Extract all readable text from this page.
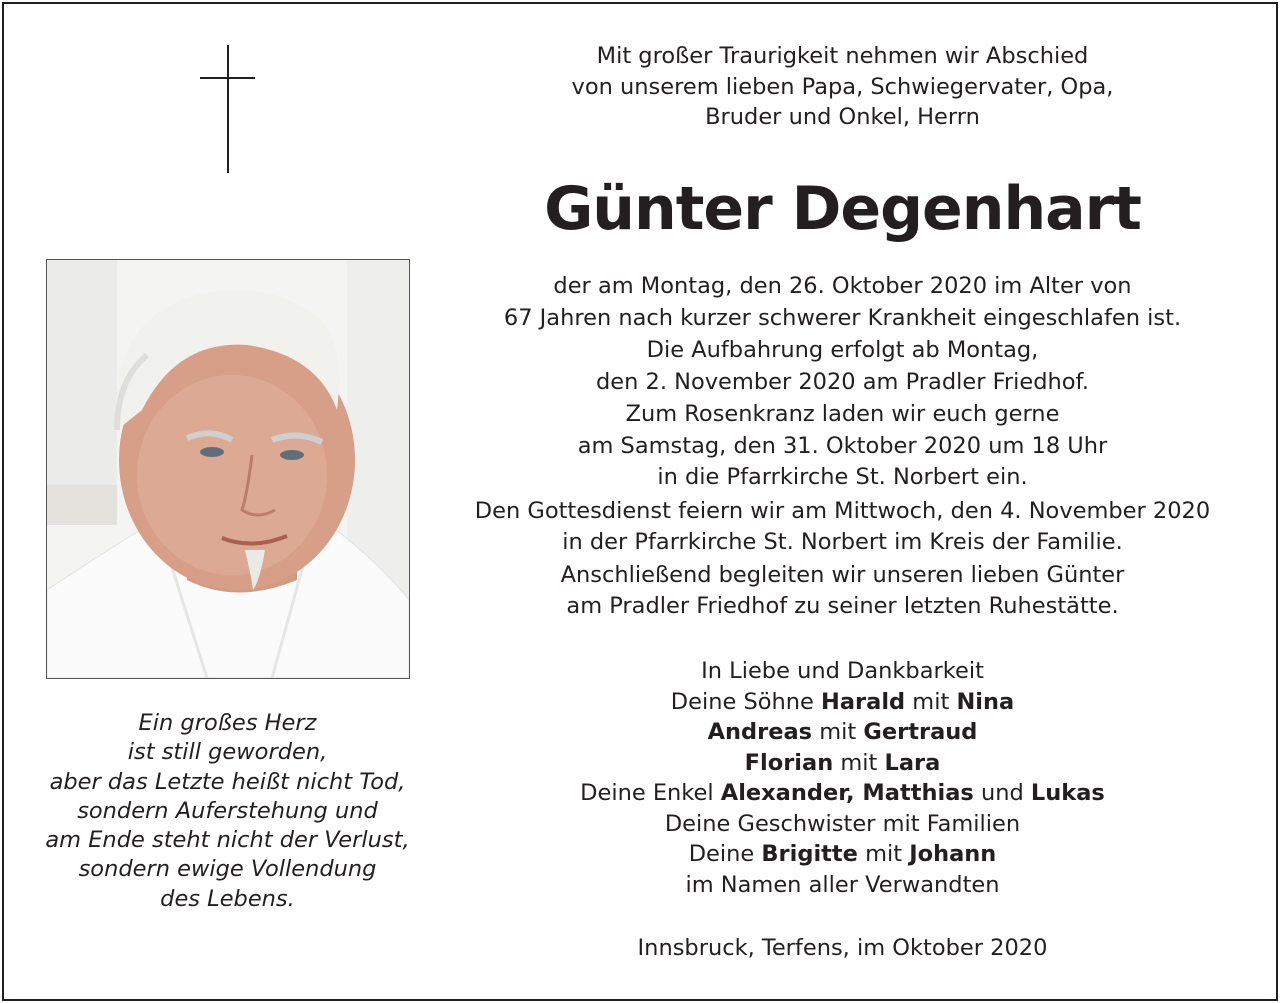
Ein großes Herz
ist still geworden,
aber das Letzte heißt nicht Tod,
sondern Auferstehung und
am Ende steht nicht der Verlust,
sondern ewige Vollendung
des Lebens.
Mit großer Traurigkeit nehmen wir Abschied
von unserem lieben Papa, Schwiegervater, Opa,
Bruder und Onkel, Herrn
Günter Degenhart
der am Montag, den 26. Oktober 2020 im Alter von
67 Jahren nach kurzer schwerer Krankheit eingeschlafen ist.
Die Aufbahrung erfolgt ab Montag,
den 2. November 2020 am Pradler Friedhof.
Zum Rosenkranz laden wir euch gerne
am Samstag, den 31. Oktober 2020 um 18 Uhr
in die Pfarrkirche St. Norbert ein.
Den Gottesdienst feiern wir am Mittwoch, den 4. November 2020
in der Pfarrkirche St. Norbert im Kreis der Familie.
Anschließend begleiten wir unseren lieben Günter
am Pradler Friedhof zu seiner letzten Ruhestätte.
In Liebe und Dankbarkeit
Deine Söhne Harald mit Nina
Andreas mit Gertraud
Florian mit Lara
Deine Enkel Alexander, Matthias und Lukas
Deine Geschwister mit Familien
Deine Brigitte mit Johann
im Namen aller Verwandten
Innsbruck, Terfens, im Oktober 2020
